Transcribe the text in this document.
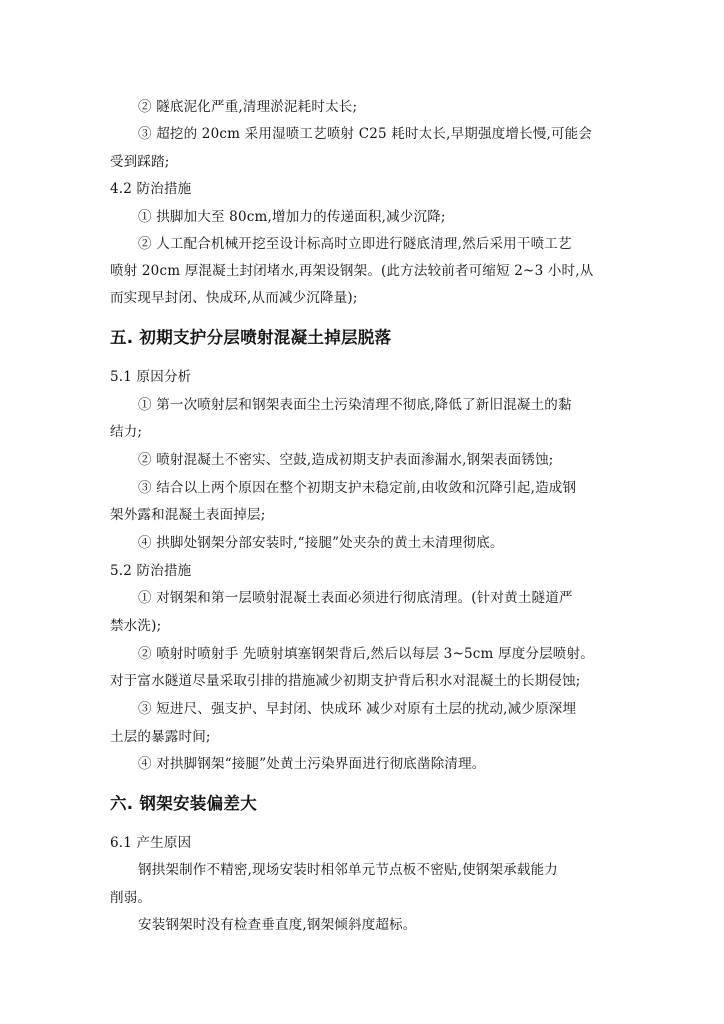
② 隧底泥化严重,清理淤泥耗时太长;
③ 超挖的 20cm 采用湿喷工艺喷射 C25 耗时太长,早期强度增长慢,可能会
受到踩踏;
4.2 防治措施
① 拱脚加大至 80cm,增加力的传递面积,减少沉降;
② 人工配合机械开挖至设计标高时立即进行隧底清理,然后采用干喷工艺
喷射 20cm 厚混凝土封闭堵水,再架设钢架。(此方法较前者可缩短 2~3 小时,从
而实现早封闭、快成环,从而减少沉降量);
五. 初期支护分层喷射混凝土掉层脱落
5.1 原因分析
① 第一次喷射层和钢架表面尘土污染清理不彻底,降低了新旧混凝土的黏
结力;
② 喷射混凝土不密实、空鼓,造成初期支护表面渗漏水,钢架表面锈蚀;
③ 结合以上两个原因在整个初期支护未稳定前,由收敛和沉降引起,造成钢
架外露和混凝土表面掉层;
④ 拱脚处钢架分部安装时,“接腿”处夹杂的黄土未清理彻底。
5.2 防治措施
① 对钢架和第一层喷射混凝土表面必须进行彻底清理。(针对黄土隧道严
禁水洗);
② 喷射时喷射手 先喷射填塞钢架背后,然后以每层 3~5cm 厚度分层喷射。
对于富水隧道尽量采取引排的措施减少初期支护背后积水对混凝土的长期侵蚀;
③ 短进尺、强支护、早封闭、快成环 减少对原有土层的扰动,减少原深埋
土层的暴露时间;
④ 对拱脚钢架“接腿”处黄土污染界面进行彻底凿除清理。
六. 钢架安装偏差大
6.1 产生原因
钢拱架制作不精密,现场安装时相邻单元节点板不密贴,使钢架承载能力
削弱。
安装钢架时没有检查垂直度,钢架倾斜度超标。
